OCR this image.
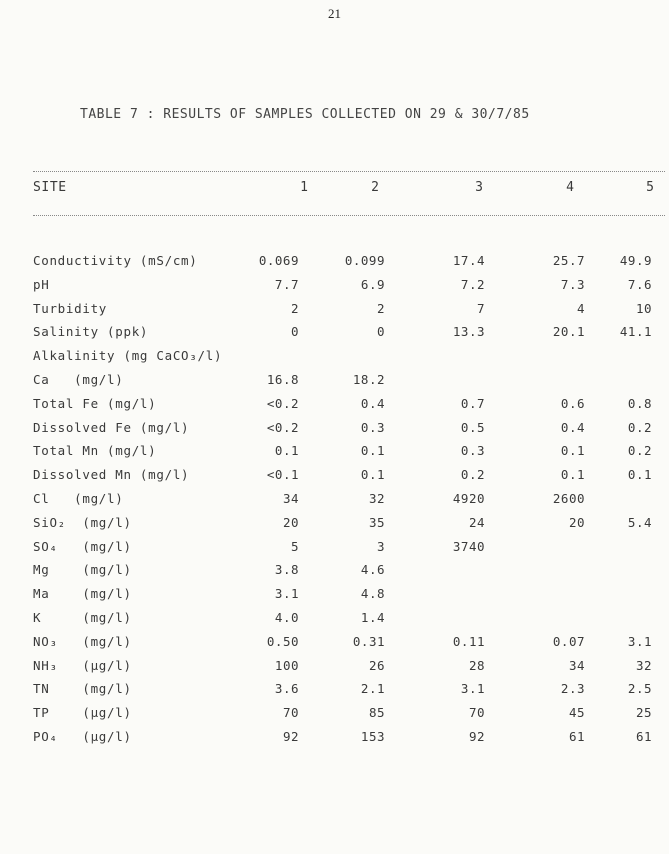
21
TABLE 7 : RESULTS OF SAMPLES COLLECTED ON 29 & 30/7/85
SITE	1	2	3	4	5
Conductivity (mS/cm)	0.069	0.099	17.4	25.7	49.9
pH	7.7	6.9	7.2	7.3	7.6
Turbidity	2	2	7	4	10
Salinity (ppk)	0	0	13.3	20.1	41.1
Alkalinity (mg CaCO₃/l)
Ca   (mg/l)	16.8	18.2
Total Fe (mg/l)	<0.2	0.4	0.7	0.6	0.8
Dissolved Fe (mg/l)	<0.2	0.3	0.5	0.4	0.2
Total Mn (mg/l)	0.1	0.1	0.3	0.1	0.2
Dissolved Mn (mg/l)	<0.1	0.1	0.2	0.1	0.1
Cl   (mg/l)	34	32	4920	2600
SiO₂  (mg/l)	20	35	24	20	5.4
SO₄   (mg/l)	5	3	3740
Mg    (mg/l)	3.8	4.6
Ma    (mg/l)	3.1	4.8
K     (mg/l)	4.0	1.4
NO₃   (mg/l)	0.50	0.31	0.11	0.07	3.1
NH₃   (µg/l)	100	26	28	34	32
TN    (mg/l)	3.6	2.1	3.1	2.3	2.5
TP    (µg/l)	70	85	70	45	25
PO₄   (µg/l)	92	153	92	61	61
